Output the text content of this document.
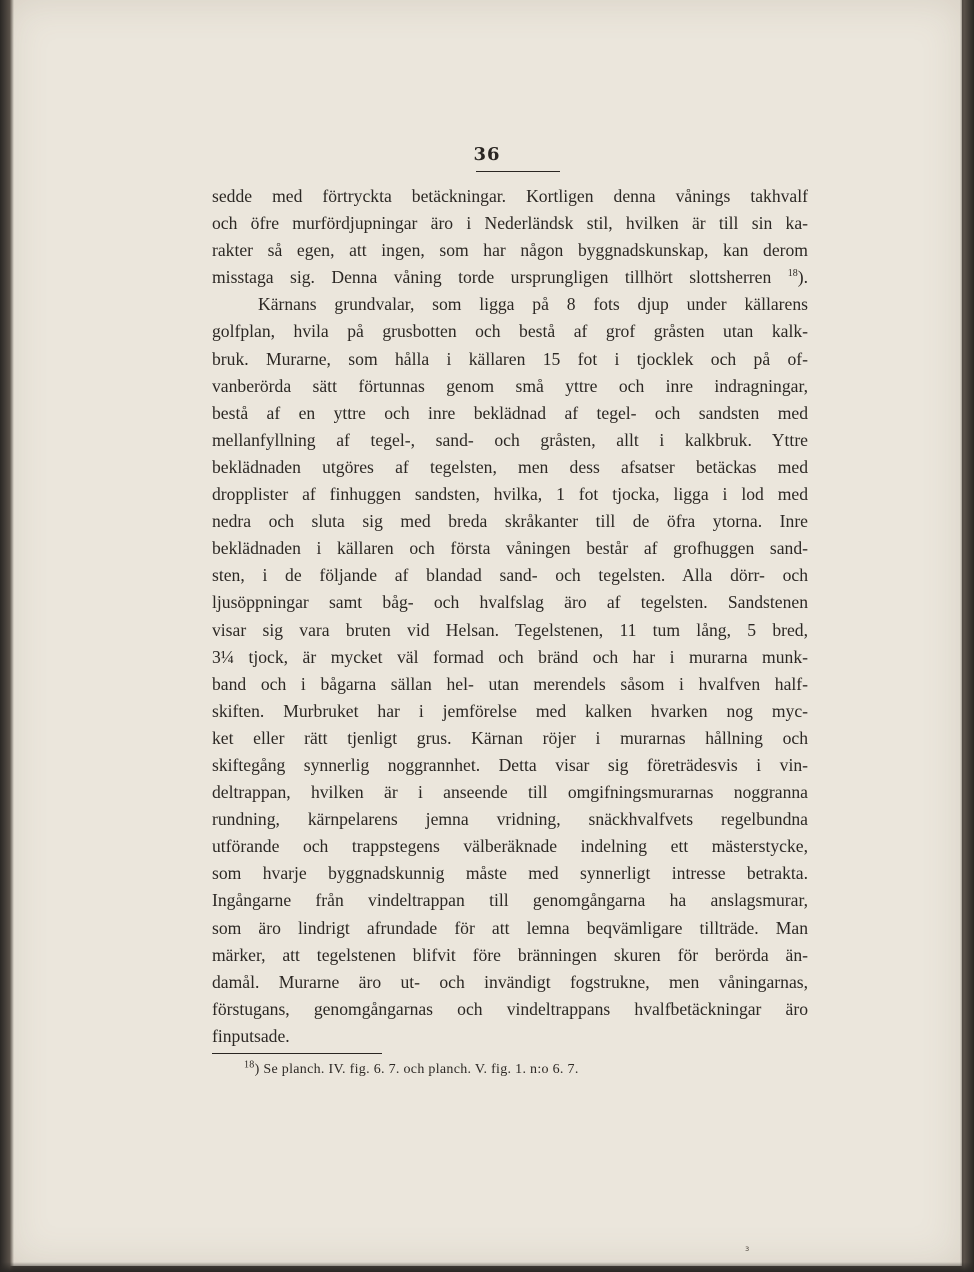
36
sedde med förtryckta betäckningar. Kortligen denna vånings takhvalf
och öfre murfördjupningar äro i Nederländsk stil, hvilken är till sin ka-
rakter så egen, att ingen, som har någon byggnadskunskap, kan derom
misstaga sig. Denna våning torde ursprungligen tillhört slottsherren $^{18}$).
Kärnans grundvalar, som ligga på 8 fots djup under källarens
golfplan, hvila på grusbotten och bestå af grof gråsten utan kalk-
bruk. Murarne, som hålla i källaren 15 fot i tjocklek och på of-
vanberörda sätt förtunnas genom små yttre och inre indragningar,
bestå af en yttre och inre beklädnad af tegel- och sandsten med
mellanfyllning af tegel-, sand- och gråsten, allt i kalkbruk. Yttre
beklädnaden utgöres af tegelsten, men dess afsatser betäckas med
dropplister af finhuggen sandsten, hvilka, 1 fot tjocka, ligga i lod med
nedra och sluta sig med breda skråkanter till de öfra ytorna. Inre
beklädnaden i källaren och första våningen består af grofhuggen sand-
sten, i de följande af blandad sand- och tegelsten. Alla dörr- och
ljusöppningar samt båg- och hvalfslag äro af tegelsten. Sandstenen
visar sig vara bruten vid Helsan. Tegelstenen, 11 tum lång, 5 bred,
3¼ tjock, är mycket väl formad och bränd och har i murarna munk-
band och i bågarna sällan hel- utan merendels såsom i hvalfven half-
skiften. Murbruket har i jemförelse med kalken hvarken nog myc-
ket eller rätt tjenligt grus. Kärnan röjer i murarnas hållning och
skiftegång synnerlig noggrannhet. Detta visar sig företrädesvis i vin-
deltrappan, hvilken är i anseende till omgifningsmurarnas noggranna
rundning, kärnpelarens jemna vridning, snäckhvalfvets regelbundna
utförande och trappstegens välberäknade indelning ett mästerstycke,
som hvarje byggnadskunnig måste med synnerligt intresse betrakta.
Ingångarne från vindeltrappan till genomgångarna ha anslagsmurar,
som äro lindrigt afrundade för att lemna beqvämligare tillträde. Man
märker, att tegelstenen blifvit före bränningen skuren för berörda än-
damål. Murarne äro ut- och invändigt fogstrukne, men våningarnas,
förstugans, genomgångarnas och vindeltrappans hvalfbetäckningar äro
finputsade.
$^{18}$) Se planch. IV. fig. 6. 7. och planch. V. fig. 1. n:o 6. 7.
ɜ
